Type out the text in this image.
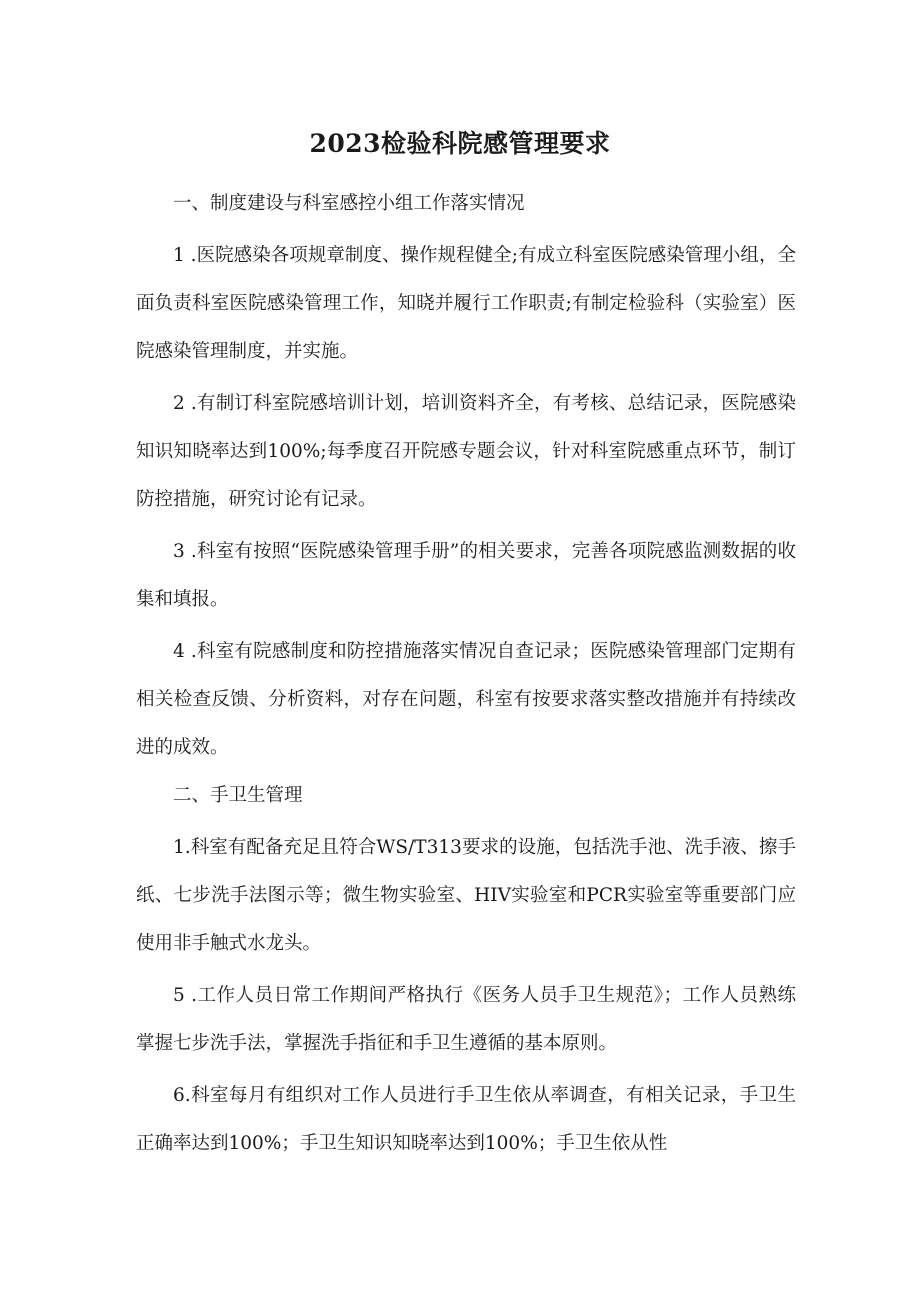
2023检验科院感管理要求

一、制度建设与科室感控小组工作落实情况

1 .医院感染各项规章制度、操作规程健全;有成立科室医院感染管理小组，全面负责科室医院感染管理工作，知晓并履行工作职责;有制定检验科（实验室）医院感染管理制度，并实施。

2 .有制订科室院感培训计划，培训资料齐全，有考核、总结记录，医院感染知识知晓率达到100%;每季度召开院感专题会议，针对科室院感重点环节，制订防控措施，研究讨论有记录。

3 .科室有按照“医院感染管理手册”的相关要求，完善各项院感监测数据的收集和填报。

4 .科室有院感制度和防控措施落实情况自查记录；医院感染管理部门定期有相关检查反馈、分析资料，对存在问题，科室有按要求落实整改措施并有持续改进的成效。

二、手卫生管理

1.科室有配备充足且符合WS/T313要求的设施，包括洗手池、洗手液、擦手纸、七步洗手法图示等；微生物实验室、HIV实验室和PCR实验室等重要部门应使用非手触式水龙头。

5 .工作人员日常工作期间严格执行《医务人员手卫生规范》；工作人员熟练掌握七步洗手法，掌握洗手指征和手卫生遵循的基本原则。

6.科室每月有组织对工作人员进行手卫生依从率调查，有相关记录，手卫生正确率达到100%；手卫生知识知晓率达到100%；手卫生依从性
